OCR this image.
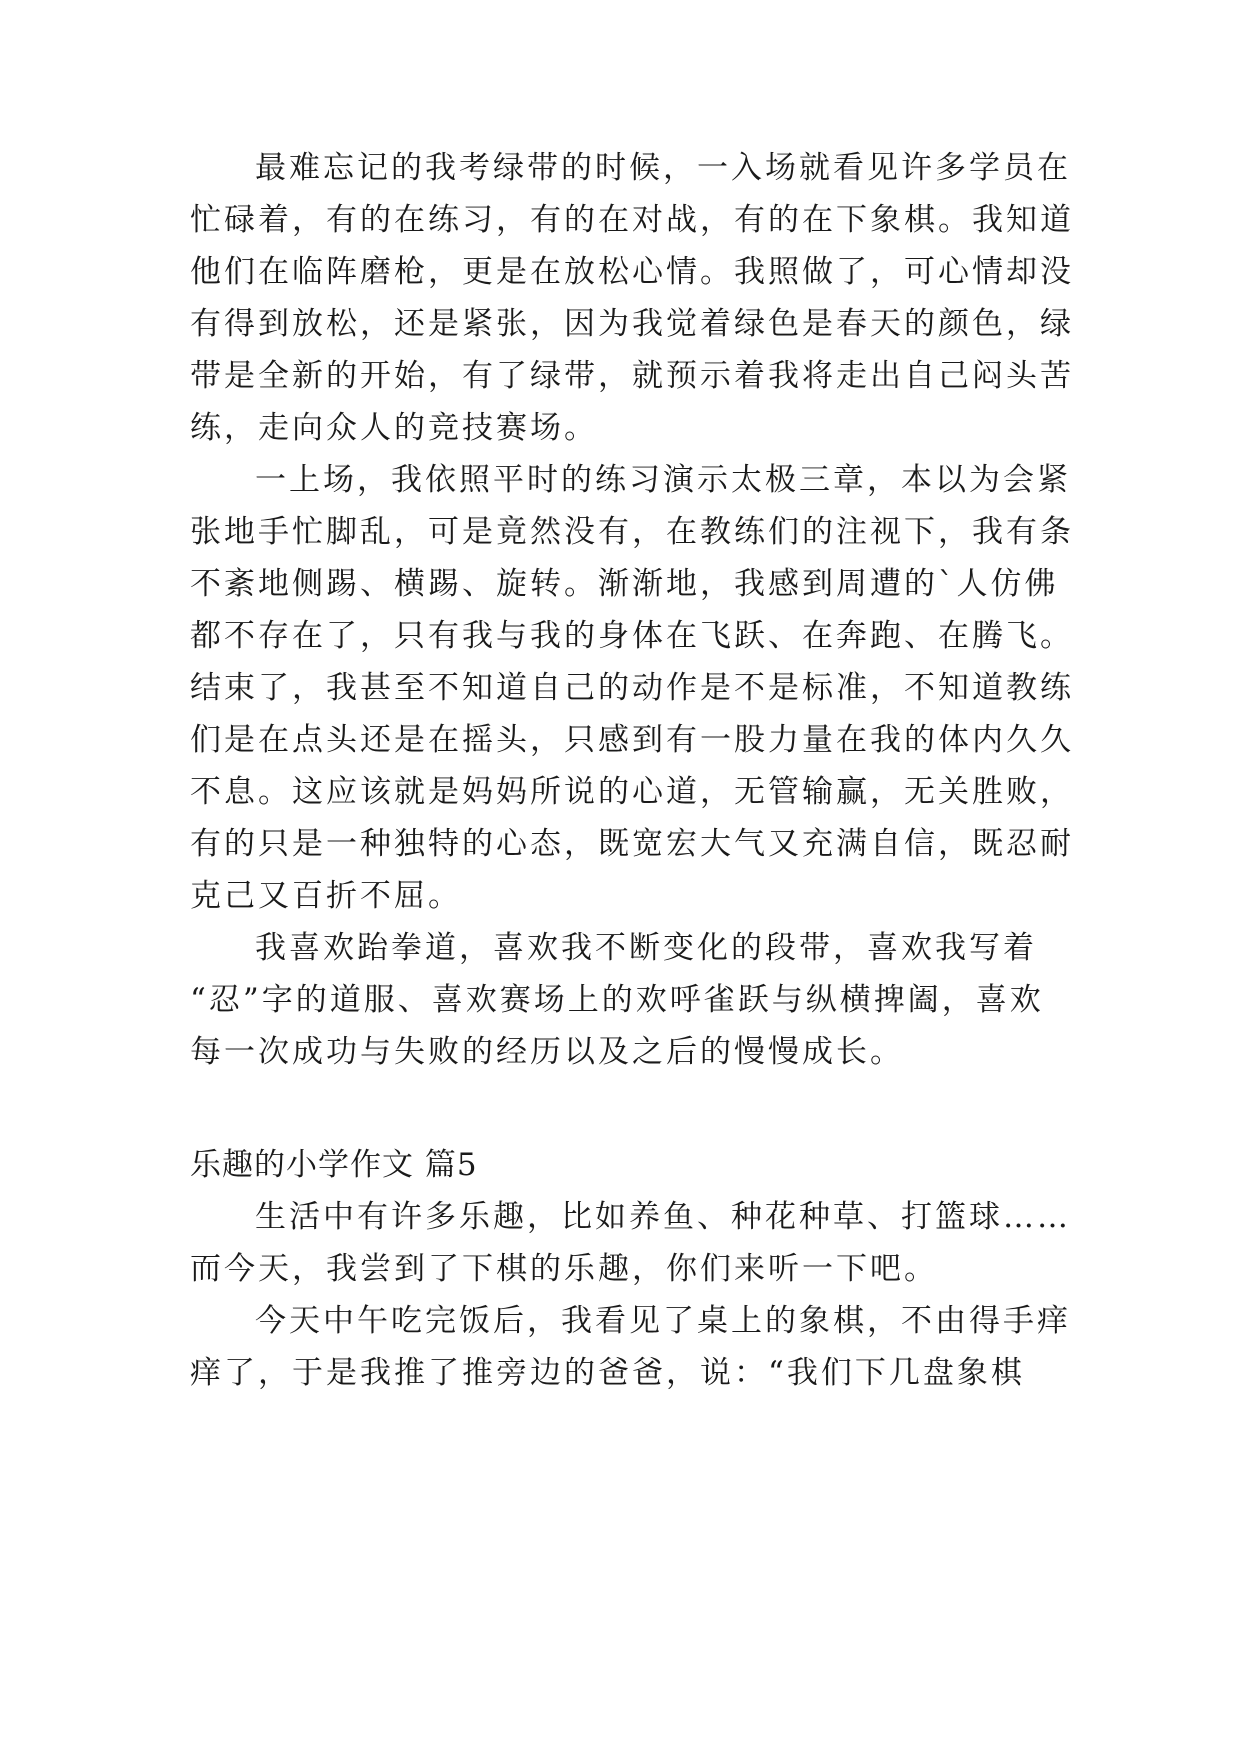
最难忘记的我考绿带的时候，一入场就看见许多学员在
忙碌着，有的在练习，有的在对战，有的在下象棋。我知道
他们在临阵磨枪，更是在放松心情。我照做了，可心情却没
有得到放松，还是紧张，因为我觉着绿色是春天的颜色，绿
带是全新的开始，有了绿带，就预示着我将走出自己闷头苦
练，走向众人的竞技赛场。
一上场，我依照平时的练习演示太极三章，本以为会紧
张地手忙脚乱，可是竟然没有，在教练们的注视下，我有条
不紊地侧踢、横踢、旋转。渐渐地，我感到周遭的`人仿佛
都不存在了，只有我与我的身体在飞跃、在奔跑、在腾飞。
结束了，我甚至不知道自己的动作是不是标准，不知道教练
们是在点头还是在摇头，只感到有一股力量在我的体内久久
不息。这应该就是妈妈所说的心道，无管输赢，无关胜败，
有的只是一种独特的心态，既宽宏大气又充满自信，既忍耐
克己又百折不屈。
我喜欢跆拳道，喜欢我不断变化的段带，喜欢我写着
“忍”字的道服、喜欢赛场上的欢呼雀跃与纵横捭阖，喜欢
每一次成功与失败的经历以及之后的慢慢成长。
乐趣的小学作文 篇5
生活中有许多乐趣，比如养鱼、种花种草、打篮球……
而今天，我尝到了下棋的乐趣，你们来听一下吧。
今天中午吃完饭后，我看见了桌上的象棋，不由得手痒
痒了，于是我推了推旁边的爸爸，说：“我们下几盘象棋
